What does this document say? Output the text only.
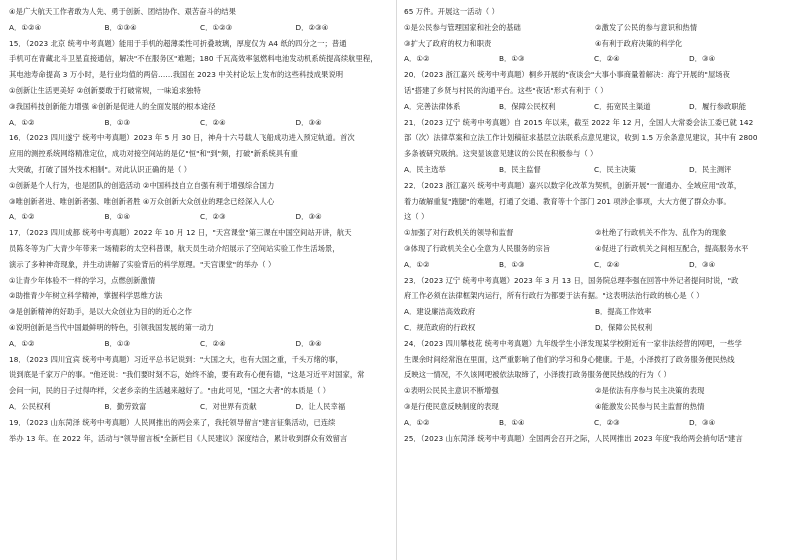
④是广大航天工作者敢为人先、勇于创新、团结协作、艰苦奋斗的结果
A．①②④	B．①③④	C．①②③	D．②③④
15．（2023 北京 统考中考真题）能用于手机的超薄柔性可折叠玻璃，厚度仅为 A4 纸的四分之一；普通
手机可在青藏北斗卫星直接通信，解决"不在服务区"难题；180 千瓦高效率氢燃料电池发动机系统提高续航里程，
其电池寿命提高 3 万小时，是行业均值的两倍……我国在 2023 中关村论坛上发布的这些科技成果说明
①创新让生活更美好 ②创新要敢于打破常规，一味追求独特
③我国科技创新能力增强 ④创新是促进人的全面发展的根本途径
A．①②	B．①③	C．②④	D．③④
16．（2023 四川遂宁 统考中考真题）2023 年 5 月 30 日，神舟十六号载人飞船成功进入预定轨道。首次
应用的测控系统网络精准定位，成功对接空间站的是亿"恒"和"到"频，打破"新系统具有重
大突破，打破了国外技术相制"。对此认识正确的是（ ）
①创新是个人行为，也是团队的创造活动 ②中国科技自立自强有利于增强综合国力
③唯创新者进、唯创新者强、唯创新者胜 ④万众创新大众创业的理念已经深入人心
A．①②	B．①④	C．②③	D．③④
17．（2023 四川成都 统考中考真题）2022 年 10 月 12 日，"天宫课堂"第三课在中国空间站开讲，航天
员陈冬等为广大青少年带来一场精彩的太空科普课，航天员生动介绍展示了空间站实验工作生活场景，
演示了多种神奇现象，并生动讲解了实验背后的科学原理。"天宫课堂"的举办（ ）
①让青少年体验不一样的学习，点燃创新激情
②助推青少年树立科学精神，掌握科学思维方法
③是创新精神的好助手，是以大众创业为目的的近心之作
④说明创新是当代中国最鲜明的特色，引领我国发展的第一动力
A．①②	B．①③	C．②④	D．③④
18．（2023 四川宜宾 统考中考真题）习近平总书记说到："大国之大，也有大国之重，千头万绪的事，
说到底是千家万户的事。"他还说："我们要时刻不忘，始终不渝，要有政有心便有德，"这是习近平对国家，常
会问一问，民的日子过得咋样，父老乡亲的生活越来越好了。"由此可见，"国之大者"的本质是（ ）
A．公民权利	B．勤劳致富	C．对世界有贡献	D．让人民幸福
19．（2023 山东菏泽 统考中考真题）人民网推出的两会来了，我托领导留言"建言征集活动，已连续
举办 13 年。在 2022 年，活动与"领导留言板"全新栏目《人民建议》深度结合，累计收到群众有效留言
65 万件。开展这一活动（ ）
①是公民参与管理国家和社会的基础	②激发了公民的参与意识和热情
③扩大了政府的权力和职责	④有利于政府决策的科学化
A．①②	B．①③	C．②④	D．③④
20．（2023 浙江嘉兴 统考中考真题）桐乡开展的"夜谈会"大事小事商量着解决：海宁开展的"屋场夜
话"搭建了乡贤与村民的沟通平台。这些"夜话"形式有利于（ ）
A．完善法律体系	B．保障公民权利	C．拓宽民主渠道	D．履行参政职能
21．（2023 辽宁 统考中考真题）自 2015 年以来，截至 2022 年 12 月，全国人大常委会法工委已就 142
部（次）法律草案和立法工作计划稿征求基层立法联系点意见建议，收到 1.5 万余条意见建议，其中有 2800
多条被研究吸纳。这突显该意见建议的公民在积极参与（ ）
A．民主选举	B．民主监督	C．民主决策	D．民主测评
22．（2023 浙江嘉兴 统考中考真题）嘉兴以数字化改革为契机，创新开展"一窗通办、全域应用"改革，
着力破解重复"跑腿"的难题，打通了交通、教育等十个部门 201 项涉企事项，大大方便了群众办事。
这（ ）
①加强了对行政机关的领导和监督	②杜绝了行政机关不作为、乱作为的现象
③体现了行政机关全心全意为人民服务的宗旨	④促进了行政机关之间相互配合，提高服务水平
A．①②	B．①③	C．②④	D．③④
23．（2023 辽宁 统考中考真题）2023 年 3 月 13 日，国务院总理李强在回答中外记者提问时说，"政
府工作必须在法律框架内运行，所有行政行为都要于法有据。"这表明法治行政的核心是（ ）
A．建设廉洁高效政府	B．提高工作效率
C．规范政府的行政权	D．保障公民权利
24．（2023 四川攀枝花 统考中考真题）九年级学生小泽发现某学校附近有一家非法经营的网吧，一些学
生课余时间经常泡在里面，这严重影响了他们的学习和身心健康。于是，小泽拨打了政务服务便民热线
反映这一情况，不久该网吧被依法取缔了，小泽拨打政务服务便民热线的行为（ ）
①表明公民民主意识不断增强	②是依法有序参与民主决策的表现
③是行使民意反映制度的表现	④能激发公民参与民主监督的热情
A．①②	B．①④	C．②③	D．③④
25．（2023 山东菏泽 统考中考真题）全国两会召开之际，人民网推出 2023 年度"我给两会捎句话"建言
